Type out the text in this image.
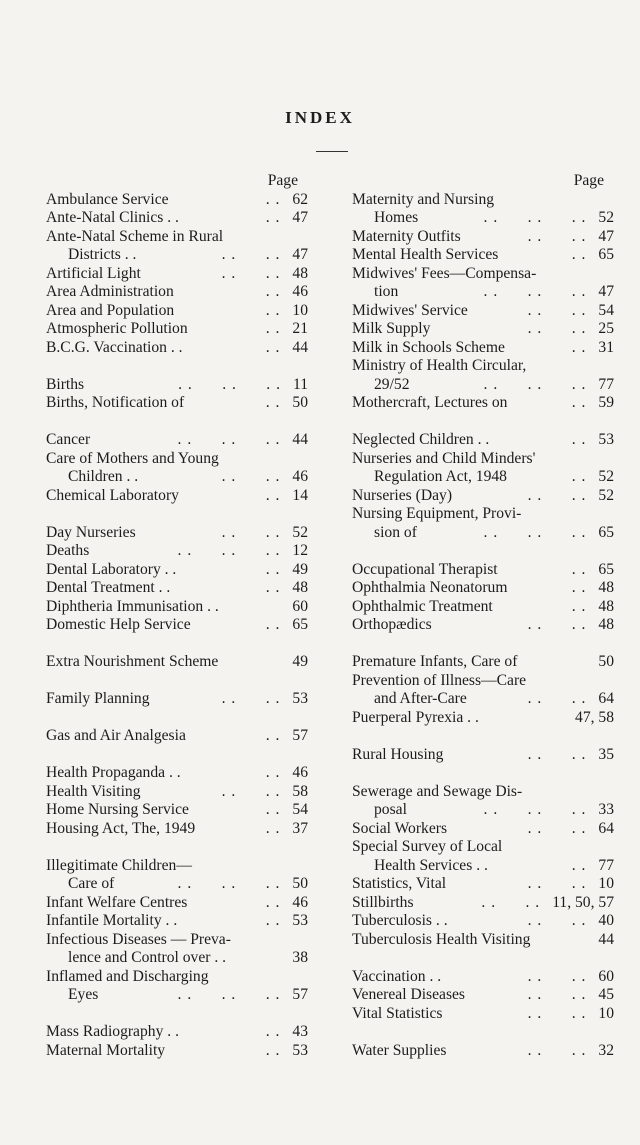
INDEX
Page
Ambulance Service	. . 62
Ante-Natal Clinics . .	. . 47
Ante-Natal Scheme in Rural
Districts . .	. .      . . 47
Artificial Light	. .      . . 48
Area Administration	. . 46
Area and Population	. . 10
Atmospheric Pollution	. . 21
B.C.G. Vaccination . .	. . 44
Births	. .      . .      . . 11
Births, Notification of	. . 50
Cancer	. .      . .      . . 44
Care of Mothers and Young
Children . .	. .      . . 46
Chemical Laboratory	. . 14
Day Nurseries	. .      . . 52
Deaths	. .      . .      . . 12
Dental Laboratory . .	. . 49
Dental Treatment . .	. . 48
Diphtheria Immunisation . .	60
Domestic Help Service	. . 65
Extra Nourishment Scheme	49
Family Planning	. .      . . 53
Gas and Air Analgesia	. . 57
Health Propaganda . .	. . 46
Health Visiting	. .      . . 58
Home Nursing Service	. . 54
Housing Act, The, 1949	. . 37
Illegitimate Children—
Care of	. .      . .      . . 50
Infant Welfare Centres	. . 46
Infantile Mortality . .	. . 53
Infectious Diseases — Preva-
lence and Control over . .	38
Inflamed and Discharging
Eyes	. .      . .      . . 57
Mass Radiography . .	. . 43
Maternal Mortality	. . 53
Page
Maternity and Nursing
Homes	. .      . .      . . 52
Maternity Outfits	. .      . . 47
Mental Health Services	. . 65
Midwives' Fees—Compensa-
tion	. .      . .      . . 47
Midwives' Service	. .      . . 54
Milk Supply	. .      . . 25
Milk in Schools Scheme	. . 31
Ministry of Health Circular,
29/52	. .      . .      . . 77
Mothercraft, Lectures on	. . 59
Neglected Children . .	. . 53
Nurseries and Child Minders'
Regulation Act, 1948	. . 52
Nurseries (Day)	. .      . . 52
Nursing Equipment, Provi-
sion of	. .      . .      . . 65
Occupational Therapist	. . 65
Ophthalmia Neonatorum	. . 48
Ophthalmic Treatment	. . 48
Orthopædics	. .      . . 48
Premature Infants, Care of	50
Prevention of Illness—Care
and After-Care	. .      . . 64
Puerperal Pyrexia . .	47, 58
Rural Housing	. .      . . 35
Sewerage and Sewage Dis-
posal	. .      . .      . . 33
Social Workers	. .      . . 64
Special Survey of Local
Health Services . .	. . 77
Statistics, Vital	. .      . . 10
Stillbirths	. .      . . 11, 50, 57
Tuberculosis . .	. .      . . 40
Tuberculosis Health Visiting	44
Vaccination . .	. .      . . 60
Venereal Diseases	. .      . . 45
Vital Statistics	. .      . . 10
Water Supplies	. .      . . 32
